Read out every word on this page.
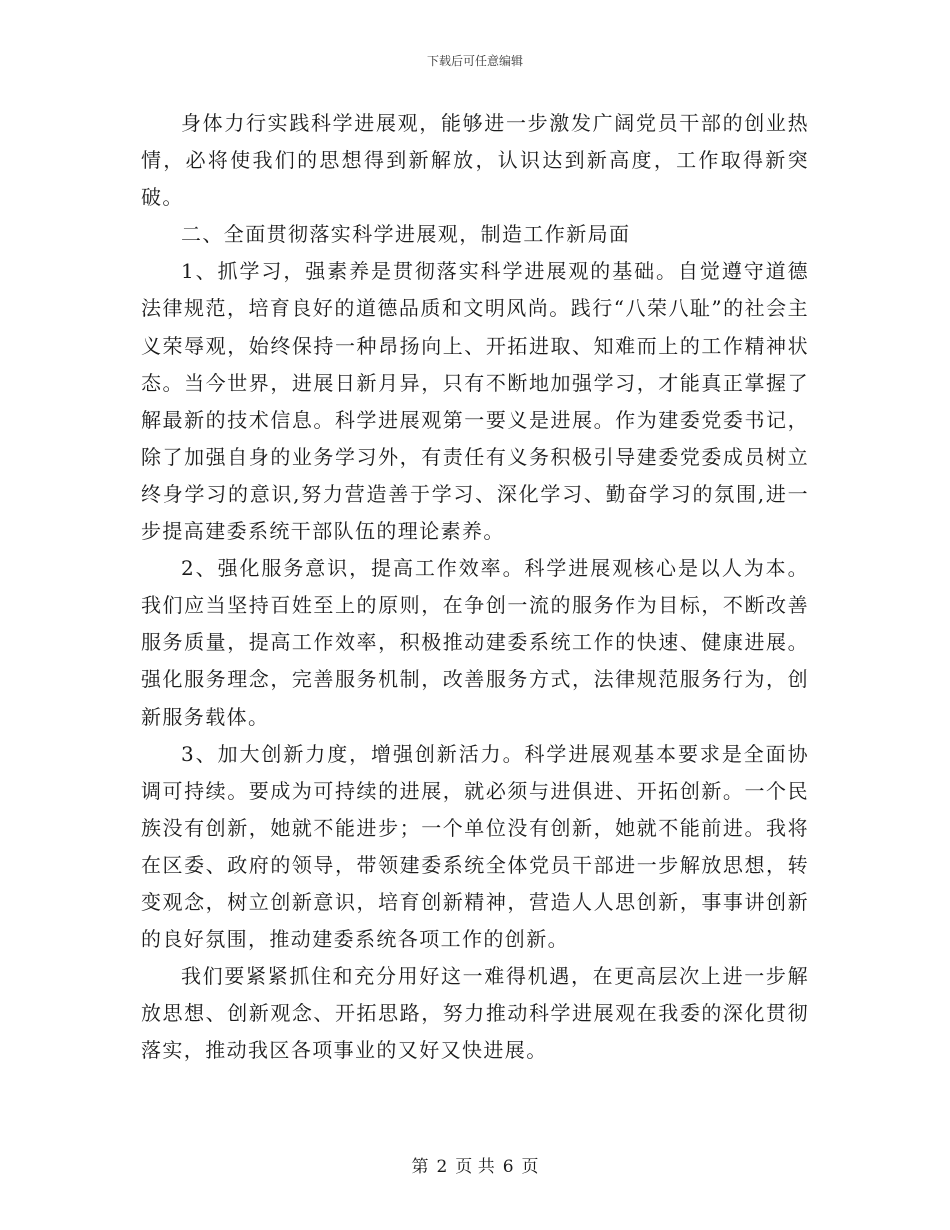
下载后可任意编辑

身体力行实践科学进展观，能够进一步激发广阔党员干部的创业热情，必将使我们的思想得到新解放，认识达到新高度，工作取得新突破。

二、全面贯彻落实科学进展观，制造工作新局面

1、抓学习，强素养是贯彻落实科学进展观的基础。自觉遵守道德法律规范，培育良好的道德品质和文明风尚。践行“八荣八耻”的社会主义荣辱观，始终保持一种昂扬向上、开拓进取、知难而上的工作精神状态。当今世界，进展日新月异，只有不断地加强学习，才能真正掌握了解最新的技术信息。科学进展观第一要义是进展。作为建委党委书记，除了加强自身的业务学习外，有责任有义务积极引导建委党委成员树立终身学习的意识,努力营造善于学习、深化学习、勤奋学习的氛围,进一步提高建委系统干部队伍的理论素养。

2、强化服务意识，提高工作效率。科学进展观核心是以人为本。我们应当坚持百姓至上的原则，在争创一流的服务作为目标，不断改善服务质量，提高工作效率，积极推动建委系统工作的快速、健康进展。强化服务理念，完善服务机制，改善服务方式，法律规范服务行为，创新服务载体。

3、加大创新力度，增强创新活力。科学进展观基本要求是全面协调可持续。要成为可持续的进展，就必须与进俱进、开拓创新。一个民族没有创新，她就不能进步；一个单位没有创新，她就不能前进。我将在区委、政府的领导，带领建委系统全体党员干部进一步解放思想，转变观念，树立创新意识，培育创新精神，营造人人思创新，事事讲创新的良好氛围，推动建委系统各项工作的创新。

我们要紧紧抓住和充分用好这一难得机遇，在更高层次上进一步解放思想、创新观念、开拓思路，努力推动科学进展观在我委的深化贯彻落实，推动我区各项事业的又好又快进展。

第 2 页 共 6 页
